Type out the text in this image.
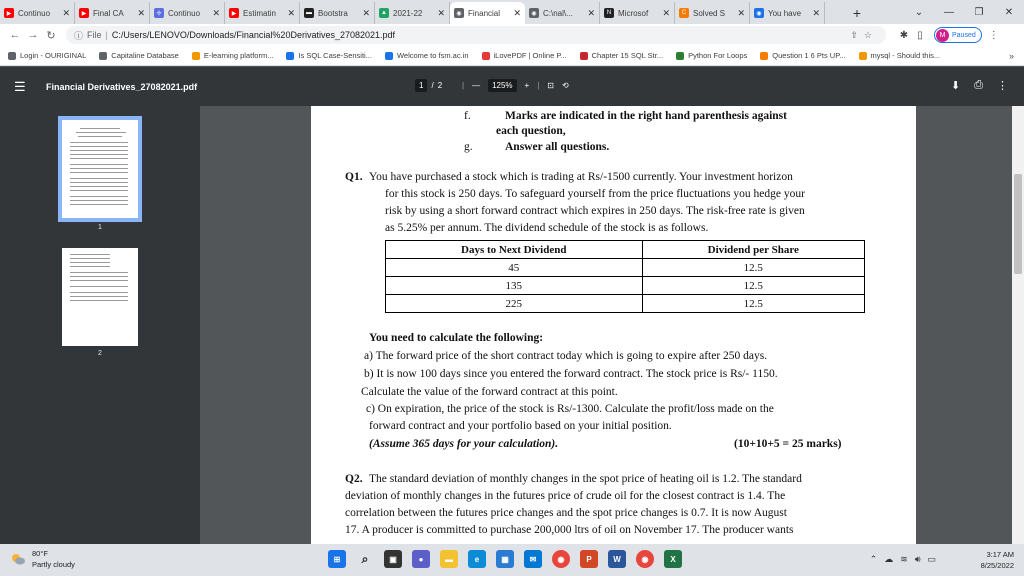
▶ Continuo	✕	▶ Final CA	✕	✢ Continuo	✕	▶ Estimatin	✕	▬ Bootstra	✕	▲ 2021-22	✕	◉ Financial	✕	◉ C:\nal\...	✕	N Microsof	✕	C Solved S	✕	◉ You have	✕	+	⌄	—	❐	✕
← → ↻	ⓘ File | C:/Users/LENOVO/Downloads/Financial%20Derivatives_27082021.pdf	⇧☆	✱ ▯	M Paused	⋮
Login - OURIGINAL	Capitaline Database	E-learning platform...	Is SQL Case-Sensiti...	Welcome to fsm.ac.in	iLovePDF | Online P...	Chapter 15 SQL Str...	Python For Loops	Question 1 6 Pts UP...	mysql - Should this...	»
☰	Financial Derivatives_27082021.pdf	1	/ 2 | —	125%	+ | ⊡ ⟲	⬇ ⎙ ⋮
1
2
f.	Marks are indicated in the right hand parenthesis against
each question,
g.	Answer all questions.
Q1. You have purchased a stock which is trading at Rs/-1500 currently. Your investment horizon
for this stock is 250 days. To safeguard yourself from the price fluctuations you hedge your
risk by using a short forward contract which expires in 250 days. The risk-free rate is given
as 5.25% per annum. The dividend schedule of the stock is as follows.
Days to Next Dividend	Dividend per Share
45	12.5
135	12.5
225	12.5
You need to calculate the following:
a) The forward price of the short contract today which is going to expire after 250 days.
b) It is now 100 days since you entered the forward contract. The stock price is Rs/- 1150.
Calculate the value of the forward contract at this point.
c) On expiration, the price of the stock is Rs/-1300. Calculate the profit/loss made on the
forward contract and your portfolio based on your initial position.
(Assume 365 days for your calculation).	(10+10+5 = 25 marks)
Q2. The standard deviation of monthly changes in the spot price of heating oil is 1.2. The standard
deviation of monthly changes in the futures price of crude oil for the closest contract is 1.4. The
correlation between the futures price changes and the spot price changes is 0.7. It is now August
17. A producer is committed to purchase 200,000 ltrs of oil on November 17. The producer wants
80°F
Partly cloudy
⊞	⌕	▣	●	▬	e	▦	✉	◉	P	W	◉	X	⌃ ☁ ≋ 🔊︎ ▭	3:17 AM
8/25/2022
